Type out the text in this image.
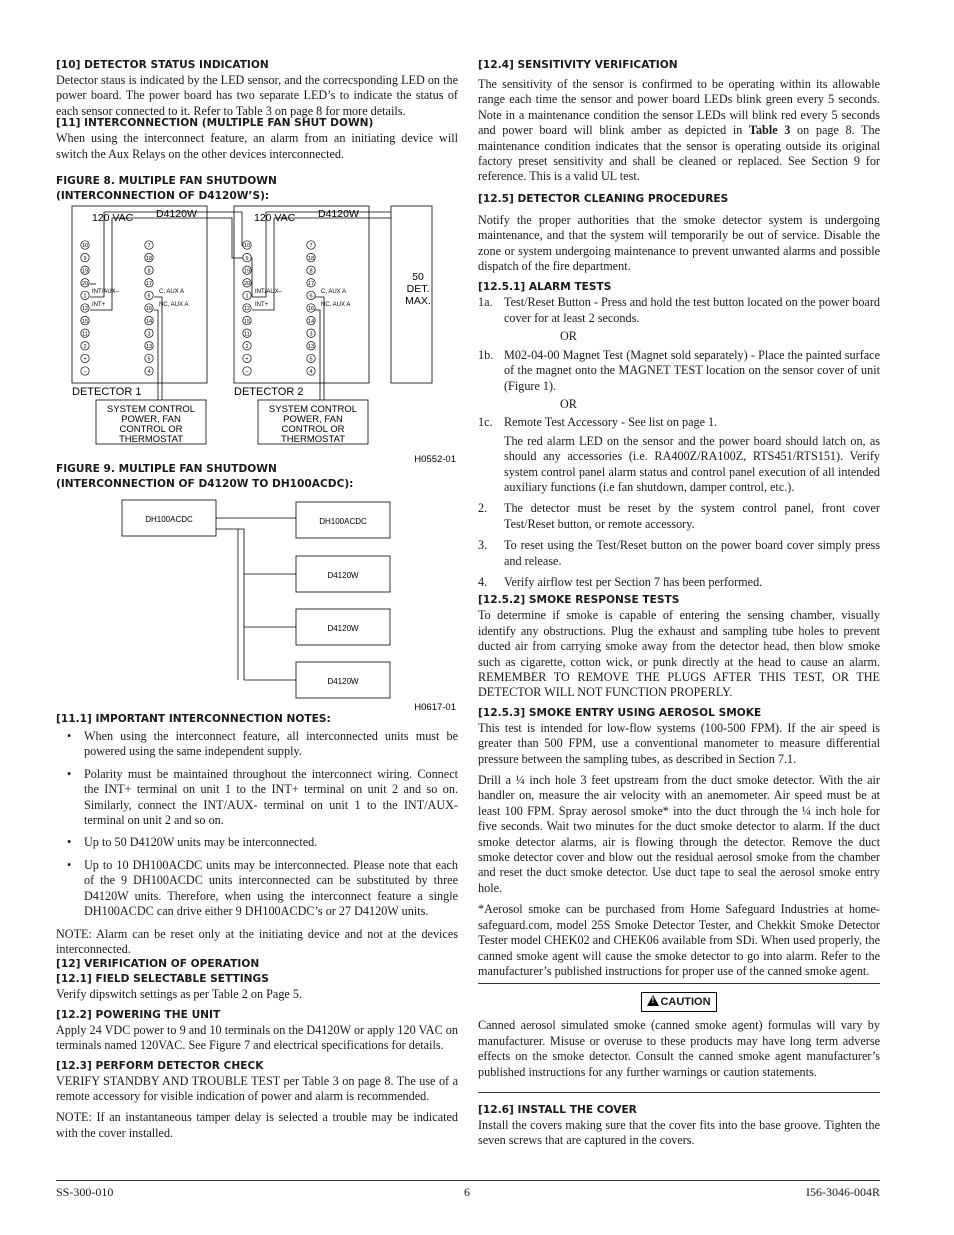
[10] DETECTOR STATUS INDICATION

Detector staus is indicated by the LED sensor, and the correcsponding LED on the power board. The power board has two separate LED’s to indicate the status of each sensor connected to it. Refer to Table 3 on page 8 for more details.

[11] INTERCONNECTION (MULTIPLE FAN SHUT DOWN)

When using the interconnect feature, an alarm from an initiating device will switch the Aux Relays on the other devices interconnected.

FIGURE 8. MULTIPLE FAN SHUTDOWN
(INTERCONNECTION OF D4120W’S):
10
9
19
20
1
12
15
11
2
+
−
7
18
8
17
6
16
14
3
13
5
4
10
9
19
20
1
12
15
11
2
+
−
7
18
8
17
6
16
14
3
13
5
4
120 VAC D4120W	120 VAC D4120W
INT/AUX–
INT+
C, AUX A
NC, AUX A
INT/AUX–
INT+
C, AUX A
NC, AUX A
DETECTOR 1	DETECTOR 2
SYSTEM CONTROL
POWER, FAN
CONTROL OR
THERMOSTAT
SYSTEM CONTROL
POWER, FAN
CONTROL OR
THERMOSTAT
50
DET.
MAX.
H0552-01
FIGURE 9. MULTIPLE FAN SHUTDOWN
(INTERCONNECTION OF D4120W TO DH100ACDC):
DH100ACDC	DH100ACDC
D4120W
D4120W
D4120W
H0617-01
[11.1] IMPORTANT INTERCONNECTION NOTES:
• When using the interconnect feature, all interconnected units must be powered using the same independent supply.
• Polarity must be maintained throughout the interconnect wiring. Connect the INT+ terminal on unit 1 to the INT+ terminal on unit 2 and so on. Similarly, connect the INT/AUX- terminal on unit 1 to the INT/AUX- terminal on unit 2 and so on.
• Up to 50 D4120W units may be interconnected.
• Up to 10 DH100ACDC units may be interconnected. Please note that each of the 9 DH100ACDC units interconnected can be substituted by three D4120W units. Therefore, when using the interconnect feature a single DH100ACDC can drive either 9 DH100ACDC’s or 27 D4120W units.

NOTE: Alarm can be reset only at the initiating device and not at the devices interconnected.

[12] VERIFICATION OF OPERATION
[12.1] FIELD SELECTABLE SETTINGS

Verify dipswitch settings as per Table 2 on Page 5.

[12.2] POWERING THE UNIT

Apply 24 VDC power to 9 and 10 terminals on the D4120W or apply 120 VAC on terminals named 120VAC. See Figure 7 and electrical specifications for details.

[12.3] PERFORM DETECTOR CHECK

VERIFY STANDBY AND TROUBLE TEST per Table 3 on page 8. The use of a remote accessory for visible indication of power and alarm is recommended.

NOTE: If an instantaneous tamper delay is selected a trouble may be indicated with the cover installed.

[12.4] SENSITIVITY VERIFICATION

The sensitivity of the sensor is confirmed to be operating within its allowable range each time the sensor and power board LEDs blink green every 5 seconds. Note in a maintenance condition the sensor LEDs will blink red every 5 seconds and power board will blink amber as depicted in Table 3 on page 8. The maintenance condition indicates that the sensor is operating outside its original factory preset sensitivity and shall be cleaned or replaced. See Section 9 for reference. This is a valid UL test.

[12.5] DETECTOR CLEANING PROCEDURES

Notify the proper authorities that the smoke detector system is undergoing maintenance, and that the system will temporarily be out of service. Disable the zone or system undergoing maintenance to prevent unwanted alarms and possible dispatch of the fire department.

[12.5.1] ALARM TESTS
1a. Test/Reset Button - Press and hold the test button located on the power board cover for at least 2 seconds.
OR
1b. M02-04-00 Magnet Test (Magnet sold separately) - Place the painted surface of the magnet onto the MAGNET TEST location on the sensor cover of unit (Figure 1).
OR
1c. Remote Test Accessory - See list on page 1.
The red alarm LED on the sensor and the power board should latch on, as should any accessories (i.e. RA400Z/RA100Z, RTS451/RTS151). Verify system control panel alarm status and control panel execution of all intended auxiliary functions (i.e fan shutdown, damper control, etc.).
2. The detector must be reset by the system control panel, front cover Test/Reset button, or remote accessory.
3. To reset using the Test/Reset button on the power board cover simply press and release.
4. Verify airflow test per Section 7 has been performed.
[12.5.2] SMOKE RESPONSE TESTS

To determine if smoke is capable of entering the sensing chamber, visually identify any obstructions. Plug the exhaust and sampling tube holes to prevent ducted air from carrying smoke away from the detector head, then blow smoke such as cigarette, cotton wick, or punk directly at the head to cause an alarm. REMEMBER TO REMOVE THE PLUGS AFTER THIS TEST, OR THE DETECTOR WILL NOT FUNCTION PROPERLY.

[12.5.3] SMOKE ENTRY USING AEROSOL SMOKE

This test is intended for low-flow systems (100-500 FPM). If the air speed is greater than 500 FPM, use a conventional manometer to measure differential pressure between the sampling tubes, as described in Section 7.1.

Drill a ¼ inch hole 3 feet upstream from the duct smoke detector. With the air handler on, measure the air velocity with an anemometer. Air speed must be at least 100 FPM. Spray aerosol smoke* into the duct through the ¼ inch hole for five seconds. Wait two minutes for the duct smoke detector to alarm. If the duct smoke detector alarms, air is flowing through the detector. Remove the duct smoke detector cover and blow out the residual aerosol smoke from the chamber and reset the duct smoke detector. Use duct tape to seal the aerosol smoke entry hole.

*Aerosol smoke can be purchased from Home Safeguard Industries at home-safeguard.com, model 25S Smoke Detector Tester, and Chekkit Smoke Detector Tester model CHEK02 and CHEK06 available from SDi. When used properly, the canned smoke agent will cause the smoke detector to go into alarm. Refer to the manufacturer’s published instructions for proper use of the canned smoke agent.

! CAUTION

Canned aerosol simulated smoke (canned smoke agent) formulas will vary by manufacturer. Misuse or overuse to these products may have long term adverse effects on the smoke detector. Consult the canned smoke agent manufacturer’s published instructions for any further warnings or caution statements.

[12.6] INSTALL THE COVER

Install the covers making sure that the cover fits into the base groove. Tighten the seven screws that are captured in the covers.

SS-300-010	6	I56-3046-004R
